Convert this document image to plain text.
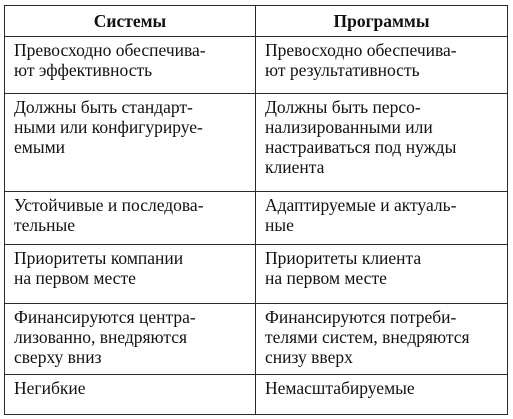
Системы	Программы

Превосходно обеспечива-
ют эффективность	Превосходно обеспечива-
ют результативность

Должны быть стандарт-
ными или конфигурируе-
емыми	Должны быть персо-
нализированными или
настраиваться под нужды
клиента

Устойчивые и последова-
тельные	Адаптируемые и актуаль-
ные

Приоритеты компании
на первом месте	Приоритеты клиента
на первом месте

Финансируются центра-
лизованно, внедряются
сверху вниз	Финансируются потреби-
телями систем, внедряются
снизу вверх

Негибкие	Немасштабируемые
